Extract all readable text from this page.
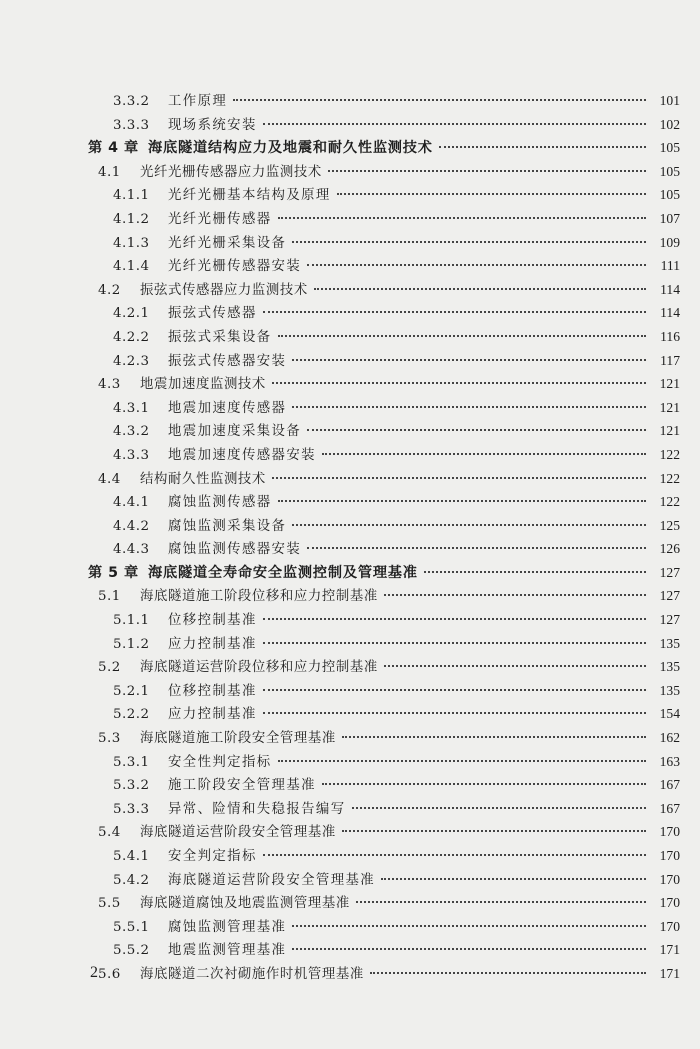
3.3.2	工作原理	101
3.3.3	现场系统安装	102
第 4 章 海底隧道结构应力及地震和耐久性监测技术	105
4.1	光纤光栅传感器应力监测技术	105
4.1.1	光纤光栅基本结构及原理	105
4.1.2	光纤光栅传感器	107
4.1.3	光纤光栅采集设备	109
4.1.4	光纤光栅传感器安装	111
4.2	振弦式传感器应力监测技术	114
4.2.1	振弦式传感器	114
4.2.2	振弦式采集设备	116
4.2.3	振弦式传感器安装	117
4.3	地震加速度监测技术	121
4.3.1	地震加速度传感器	121
4.3.2	地震加速度采集设备	121
4.3.3	地震加速度传感器安装	122
4.4	结构耐久性监测技术	122
4.4.1	腐蚀监测传感器	122
4.4.2	腐蚀监测采集设备	125
4.4.3	腐蚀监测传感器安装	126
第 5 章 海底隧道全寿命安全监测控制及管理基准	127
5.1	海底隧道施工阶段位移和应力控制基准	127
5.1.1	位移控制基准	127
5.1.2	应力控制基准	135
5.2	海底隧道运营阶段位移和应力控制基准	135
5.2.1	位移控制基准	135
5.2.2	应力控制基准	154
5.3	海底隧道施工阶段安全管理基准	162
5.3.1	安全性判定指标	163
5.3.2	施工阶段安全管理基准	167
5.3.3	异常、险情和失稳报告编写	167
5.4	海底隧道运营阶段安全管理基准	170
5.4.1	安全判定指标	170
5.4.2	海底隧道运营阶段安全管理基准	170
5.5	海底隧道腐蚀及地震监测管理基准	170
5.5.1	腐蚀监测管理基准	170
5.5.2	地震监测管理基准	171
5.6	海底隧道二次衬砌施作时机管理基准	171
2
